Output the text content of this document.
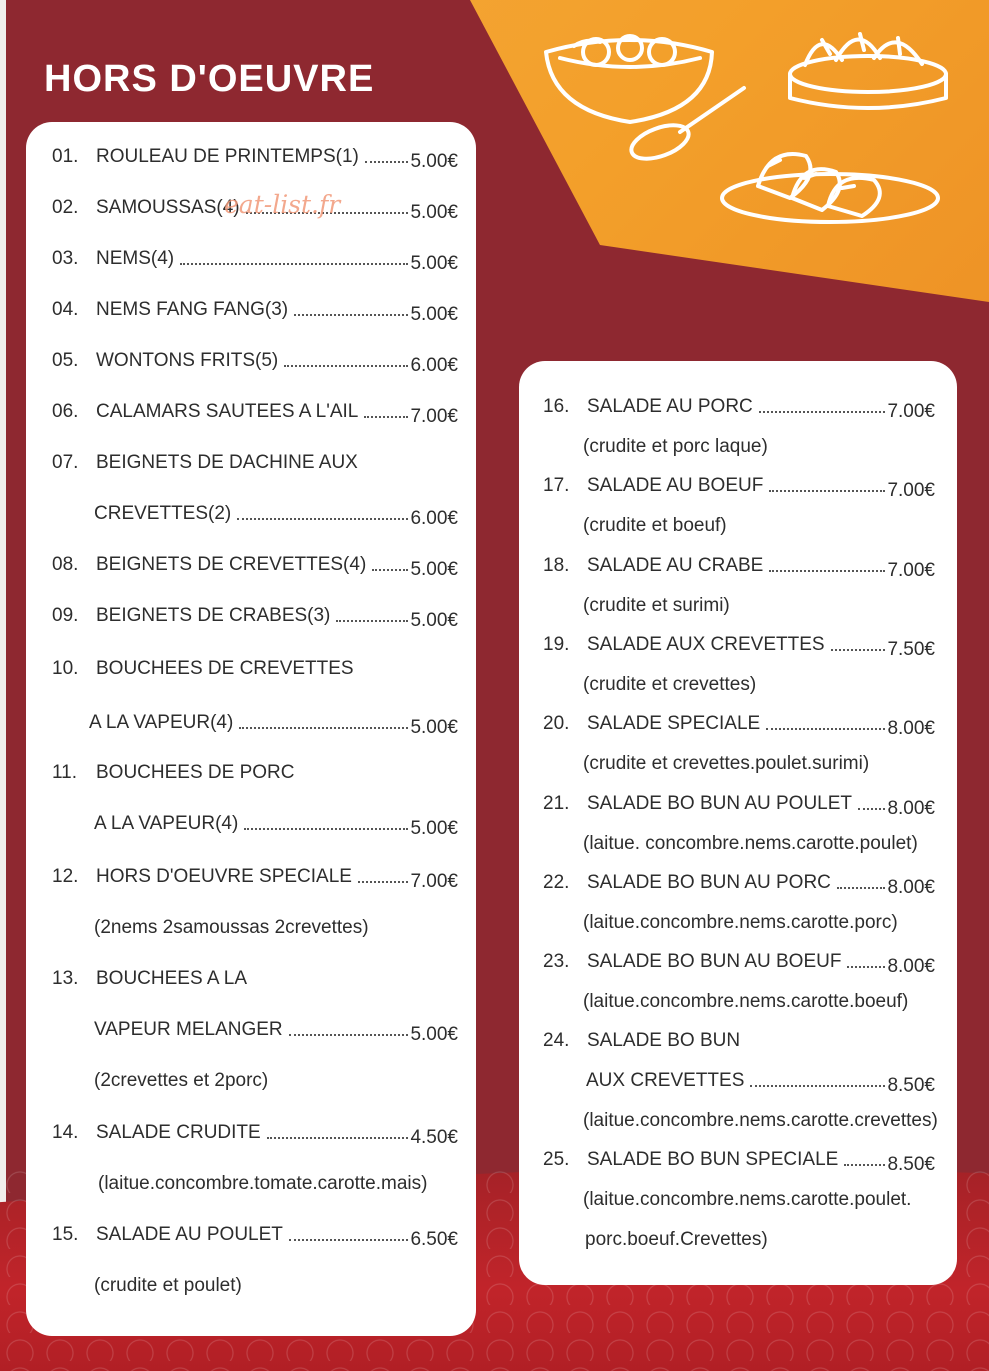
HORS D'OEUVRE
01. ROULEAU DE PRINTEMPS(1)	5.00€
02. SAMOUSSAS(4)	5.00€
03. NEMS(4)	5.00€
04. NEMS FANG FANG(3)	5.00€
05. WONTONS FRITS(5)	6.00€
06. CALAMARS SAUTEES A L'AIL	7.00€
07. BEIGNETS DE DACHINE AUX
CREVETTES(2)	6.00€
08. BEIGNETS DE CREVETTES(4) 5.00€
09. BEIGNETS DE CRABES(3)	5.00€
10. BOUCHEES DE CREVETTES
A LA VAPEUR(4)	5.00€
11. BOUCHEES DE PORC
A LA VAPEUR(4)	5.00€
12. HORS D'OEUVRE SPECIALE	7.00€
(2nems 2samoussas 2crevettes)
13. BOUCHEES A LA
VAPEUR MELANGER	5.00€
(2crevettes et 2porc)
14. SALADE CRUDITE	4.50€
(laitue.concombre.tomate.carotte.mais)
15. SALADE AU POULET	6.50€
(crudite et poulet)
16. SALADE AU PORC	7.00€
(crudite et porc laque)
17. SALADE AU BOEUF	7.00€
(crudite et boeuf)
18. SALADE AU CRABE	7.00€
(crudite et surimi)
19. SALADE AUX CREVETTES	7.50€
(crudite et crevettes)
20. SALADE SPECIALE	8.00€
(crudite et crevettes.poulet.surimi)
21. SALADE BO BUN AU POULET 8.00€
(laitue. concombre.nems.carotte.poulet)
22. SALADE BO BUN AU PORC	8.00€
(laitue.concombre.nems.carotte.porc)
23. SALADE BO BUN AU BOEUF 8.00€
(laitue.concombre.nems.carotte.boeuf)
24. SALADE BO BUN
AUX CREVETTES	8.50€
(laitue.concombre.nems.carotte.crevettes)
25. SALADE BO BUN SPECIALE	8.50€
(laitue.concombre.nems.carotte.poulet.
porc.boeuf.Crevettes)
eat-list.fr
